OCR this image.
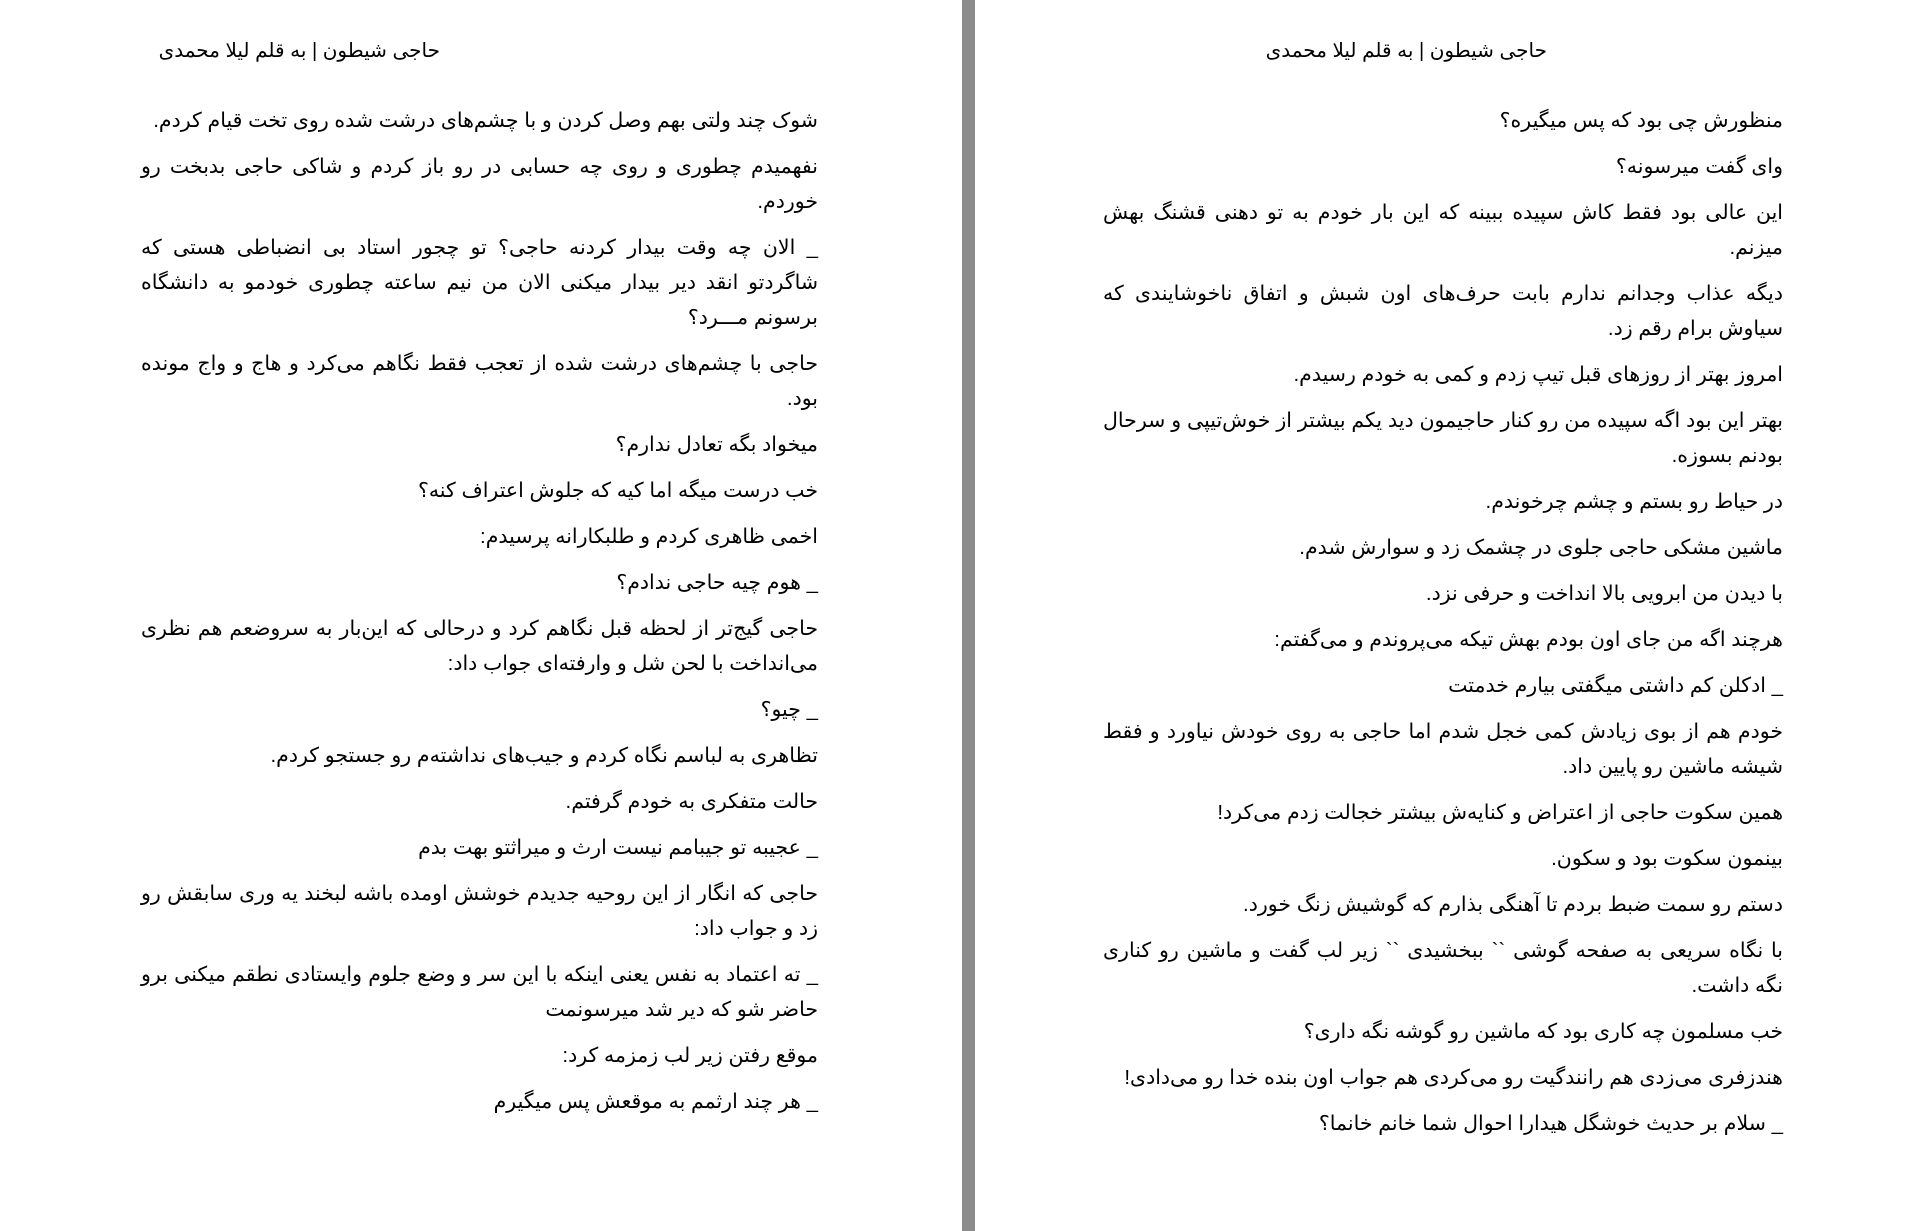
حاجی شیطون | به قلم لیلا محمدی

شوک چند ولتی بهم وصل کردن و با چشم‌های درشت شده روی تخت قیام کردم.

نفهمیدم چطوری و روی چه حسابی در رو باز کردم و شاکی حاجی بدبخت رو خوردم.

_ الان چه وقت بیدار کردنه حاجی؟ تو چجور استاد بی انضباطی هستی که شاگردتو انقد دیر بیدار میکنی الان من نیم ساعته چطوری خودمو به دانشگاه برسونم مـــرد؟

حاجی با چشم‌های درشت شده از تعجب فقط نگاهم می‌کرد و هاج و واج مونده بود.

میخواد بگه تعادل ندارم؟

خب درست میگه اما کیه که جلوش اعتراف کنه؟

اخمی ظاهری کردم و طلبکارانه پرسیدم:

_ هوم چیه حاجی ندادم؟

حاجی گیج‌تر از لحظه قبل نگاهم کرد و درحالی که این‌بار به سروضعم هم نظری می‌انداخت با لحن شل و وارفته‌ای جواب داد:

_ چیو؟

تظاهری به لباسم نگاه کردم و جیب‌های نداشته‌م رو جستجو کردم.

حالت متفکری به خودم گرفتم.

_ عجیبه تو جیبامم نیست ارث و میراثتو بهت بدم

حاجی که انگار از این روحیه جدیدم خوشش اومده باشه لبخند یه وری سابقش رو زد و جواب داد:

_ ته اعتماد به نفس یعنی اینکه با این سر و وضع جلوم وایستادی نطقم میکنی برو حاضر شو که دیر شد میرسونمت

موقع رفتن زیر لب زمزمه کرد:

_ هر چند ارثمم به موقعش پس میگیرم

حاجی شیطون | به قلم لیلا محمدی

منظورش چی بود که پس میگیره؟

وای گفت میرسونه؟

این عالی بود فقط کاش سپیده ببینه که این بار خودم به تو دهنی قشنگ بهش میزنم.

دیگه عذاب وجدانم ندارم بابت حرف‌های اون شبش و اتفاق ناخوشایندی که سیاوش برام رقم زد.

امروز بهتر از روزهای قبل تیپ زدم و کمی به خودم رسیدم.

بهتر این بود اگه سپیده من رو کنار حاجیمون دید یکم بیشتر از خوش‌تیپی و سرحال بودنم بسوزه.

در حیاط رو بستم و چشم چرخوندم.

ماشین مشکی حاجی جلوی در چشمک زد و سوارش شدم.

با دیدن من ابرویی بالا انداخت و حرفی نزد.

هرچند اگه من جای اون بودم بهش تیکه می‌پروندم و می‌گفتم:

_ ادکلن کم داشتی میگفتی بیارم خدمتت

خودم هم از بوی زیادش کمی خجل شدم اما حاجی به روی خودش نیاورد و فقط شیشه ماشین رو پایین داد.

همین سکوت حاجی از اعتراض و کنایه‌ش بیشتر خجالت زدم می‌کرد!

بینمون سکوت بود و سکون.

دستم رو سمت ضبط بردم تا آهنگی بذارم که گوشیش زنگ خورد.

با نگاه سریعی به صفحه گوشی `` ببخشیدی `` زیر لب گفت و ماشین رو کناری نگه داشت.

خب مسلمون چه کاری بود که ماشین رو گوشه نگه داری؟

هندزفری می‌زدی هم رانندگیت رو می‌کردی هم جواب اون بنده خدا رو می‌دادی!

_ سلام بر حدیث خوشگل هیدارا احوال شما خانم خانما؟
